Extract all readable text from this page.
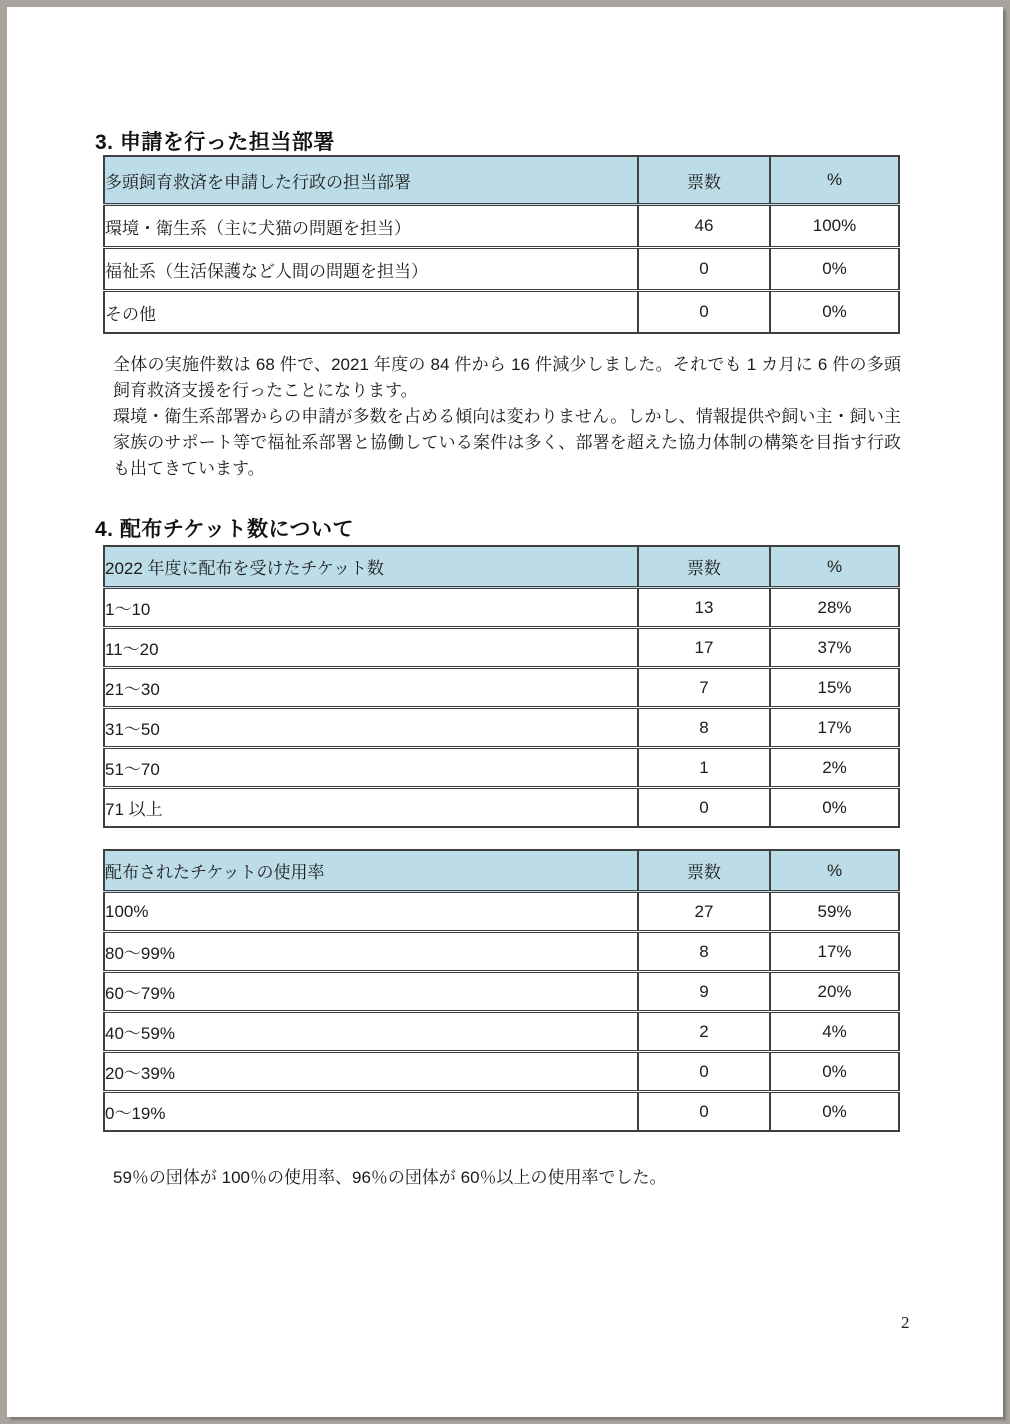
3. 申請を行った担当部署
多頭飼育救済を申請した行政の担当部署	票数	%
環境・衛生系（主に犬猫の問題を担当）	46	100%
福祉系（生活保護など人間の問題を担当）	0	0%
その他	0	0%

全体の実施件数は 68 件で、2021 年度の 84 件から 16 件減少しました。それでも 1 カ月に 6 件の多頭飼育救済支援を行ったことになります。
環境・衛生系部署からの申請が多数を占める傾向は変わりません。しかし、情報提供や飼い主・飼い主家族のサポート等で福祉系部署と協働している案件は多く、部署を超えた協力体制の構築を目指す行政も出てきています。

4. 配布チケット数について
2022 年度に配布を受けたチケット数	票数	%
1～10	13	28%
11～20	17	37%
21～30	7	15%
31～50	8	17%
51～70	1	2%
71 以上	0	0%
配布されたチケットの使用率	票数	%
100%	27	59%
80～99%	8	17%
60～79%	9	20%
40～59%	2	4%
20～39%	0	0%
0～19%	0	0%

59％の団体が 100％の使用率、96％の団体が 60％以上の使用率でした。

2
